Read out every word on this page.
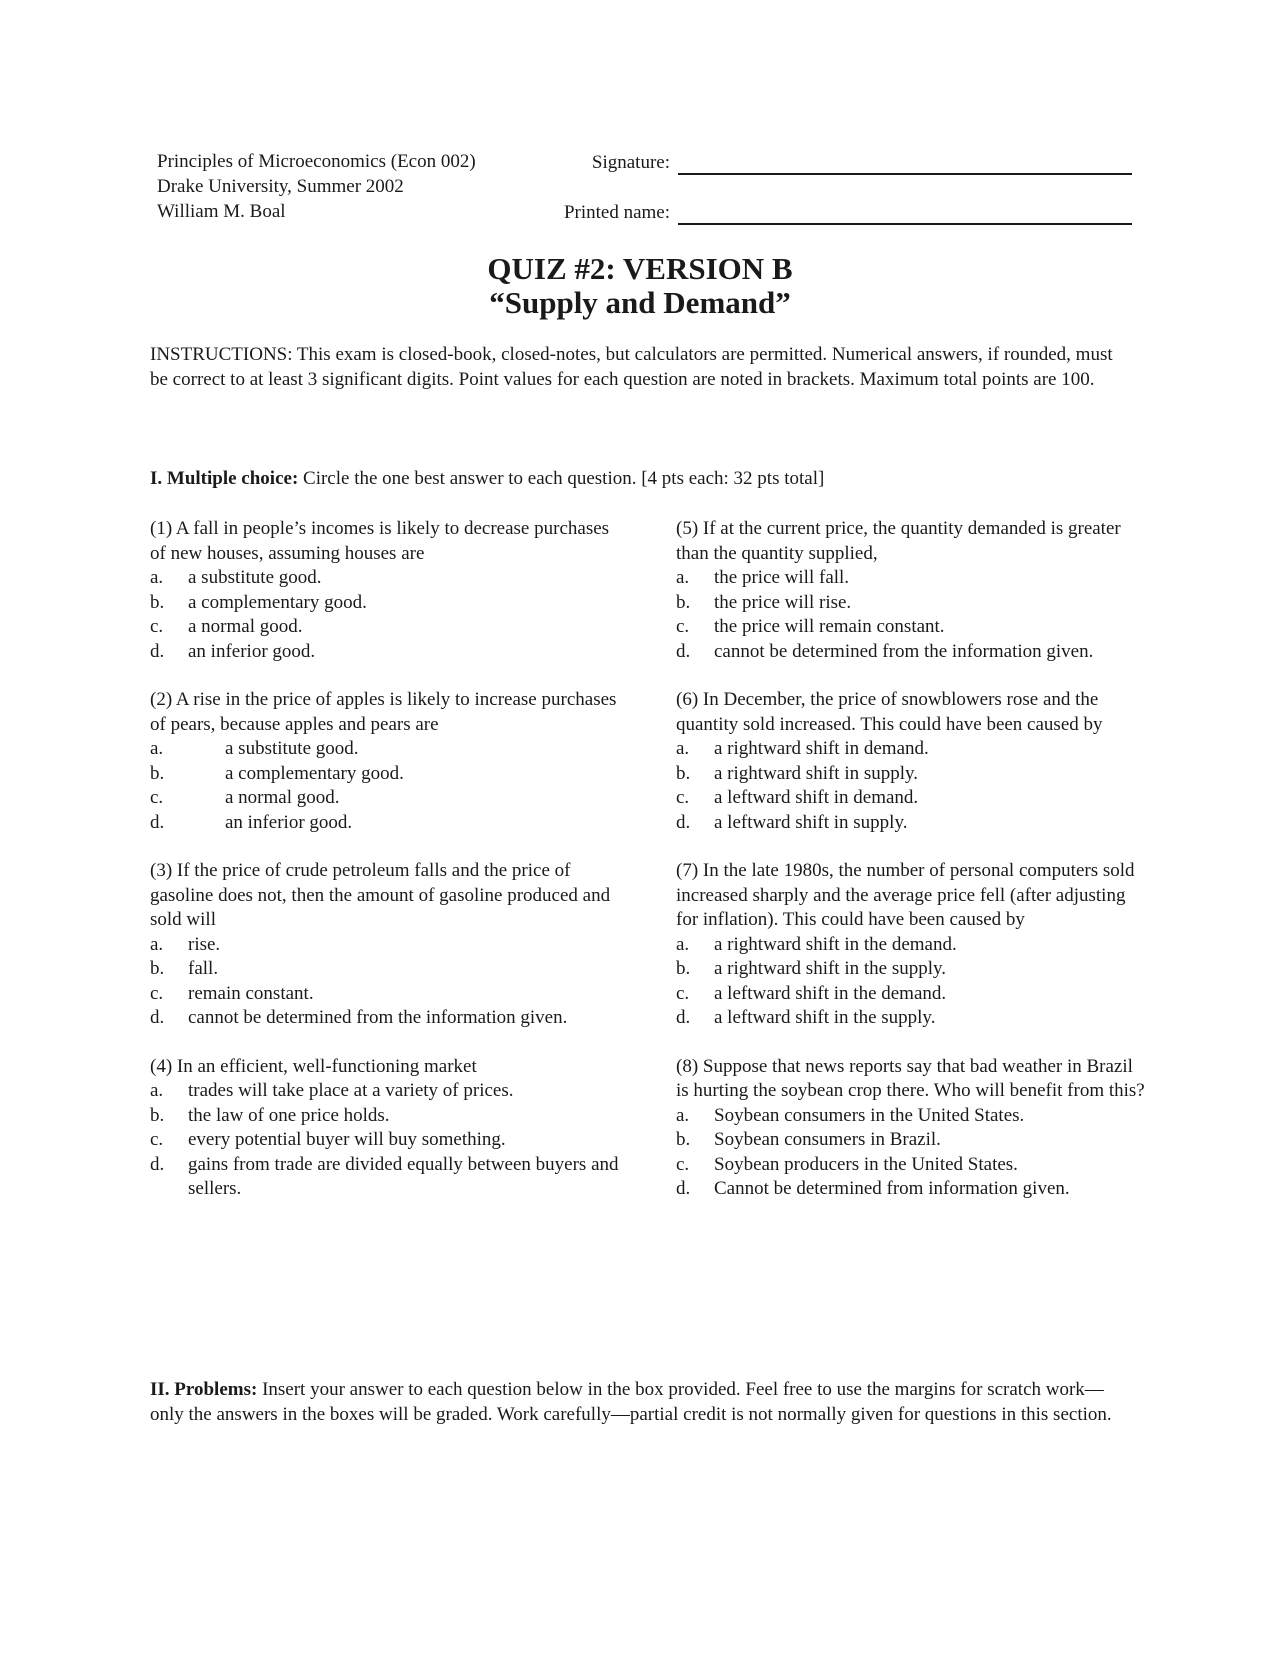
Principles of Microeconomics (Econ 002)
Drake University, Summer 2002
William M. Boal
Signature:
Printed name:
QUIZ #2: VERSION B
“Supply and Demand”
INSTRUCTIONS: This exam is closed-book, closed-notes, but calculators are permitted. Numerical answers, if rounded, must be correct to at least 3 significant digits. Point values for each question are noted in brackets. Maximum total points are 100.
I. Multiple choice: Circle the one best answer to each question. [4 pts each: 32 pts total]
(1) A fall in people’s incomes is likely to decrease purchases of new houses, assuming houses are
a.	a substitute good.
b.	a complementary good.
c.	a normal good.
d.	an inferior good.
(2) A rise in the price of apples is likely to increase purchases of pears, because apples and pears are
a.	a substitute good.
b.	a complementary good.
c.	a normal good.
d.	an inferior good.
(3) If the price of crude petroleum falls and the price of gasoline does not, then the amount of gasoline produced and sold will
a.	rise.
b.	fall.
c.	remain constant.
d.	cannot be determined from the information given.
(4) In an efficient, well-functioning market
a.	trades will take place at a variety of prices.
b.	the law of one price holds.
c.	every potential buyer will buy something.
d.	gains from trade are divided equally between buyers and sellers.
(5) If at the current price, the quantity demanded is greater than the quantity supplied,
a.	the price will fall.
b.	the price will rise.
c.	the price will remain constant.
d.	cannot be determined from the information given.
(6) In December, the price of snowblowers rose and the quantity sold increased. This could have been caused by
a.	a rightward shift in demand.
b.	a rightward shift in supply.
c.	a leftward shift in demand.
d.	a leftward shift in supply.
(7) In the late 1980s, the number of personal computers sold increased sharply and the average price fell (after adjusting for inflation). This could have been caused by
a.	a rightward shift in the demand.
b.	a rightward shift in the supply.
c.	a leftward shift in the demand.
d.	a leftward shift in the supply.
(8) Suppose that news reports say that bad weather in Brazil is hurting the soybean crop there. Who will benefit from this?
a.	Soybean consumers in the United States.
b.	Soybean consumers in Brazil.
c.	Soybean producers in the United States.
d.	Cannot be determined from information given.
II. Problems: Insert your answer to each question below in the box provided. Feel free to use the margins for scratch work—only the answers in the boxes will be graded. Work carefully—partial credit is not normally given for questions in this section.
